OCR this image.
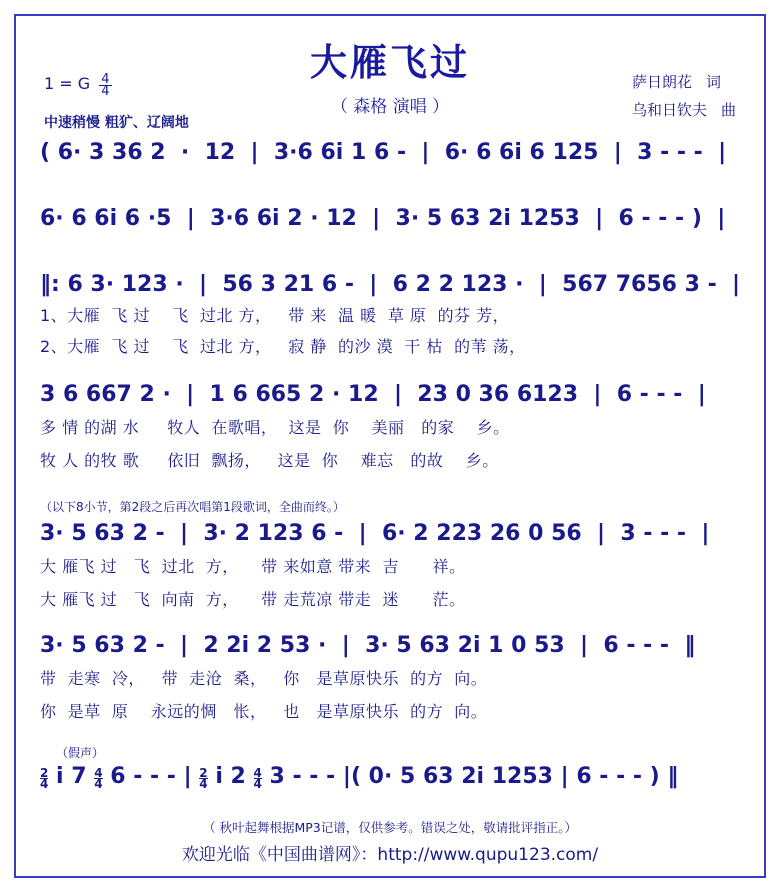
大雁飞过
（ 森格 演唱 ）
萨日朗花 词
乌和日钦夫 曲
1 = G $\frac{4}{4}$
中速稍慢 粗犷、辽阔地
( 6· 3 36 2  ·  12  |  3·6 6i 1 6 -  |  6· 6 6i 6 125  |  3 - - -  |
6· 6 6i 6 ·5  |  3·6 6i 2 · 12  |  3· 5 63 2i 1253  |  6 - - - )  |
‖: 6 3· 123 ·  |  56 3 21 6 -  |  6 2 2 123 ·  |  567 7656 3 -  |
1、大雁  飞 过    飞  过北 方，   带 来  温 暖  草 原  的芬 芳，
2、大雁  飞 过    飞  过北 方，   寂 静  的沙 漠  干 枯  的苇 荡，
3 6 667 2 ·  |  1 6 665 2 · 12  |  23 0 36 6123  |  6 - - -  |
多 情 的湖 水     牧人  在歌唱，  这是  你    美丽   的家    乡。
牧 人 的牧 歌     依旧  飘扬，   这是  你    难忘   的故    乡。
（以下8小节，第2段之后再次唱第1段歌词，全曲而终。）
3· 5 63 2 -  |  3· 2 123 6 -  |  6· 2 223 26 0 56  |  3 - - -  |
大 雁飞 过   飞  过北  方，    带 来如意 带来  吉      祥。
大 雁飞 过   飞  向南  方，    带 走荒凉 带走  迷      茫。
3· 5 63 2 -  |  2 2i 2 53 ·  |  3· 5 63 2i 1 0 53  |  6 - - -  ‖
带  走寒  冷，   带  走沧  桑，   你   是草原快乐  的方  向。
你  是草  原    永远的惆   怅，   也   是草原快乐  的方  向。
（假声）
$\frac{2}{4}$ i $7 \frac{4}{4} 6$ - - - | $\frac{2}{4}$ i $2 \frac{4}{4} 3$ - - - |( 0· 5 63 2i 1253 | 6 - - - ) ‖
（ 秋叶起舞根据MP3记谱，仅供参考。错误之处，敬请批评指正。）
欢迎光临《中国曲谱网》：http://www.qupu123.com/
